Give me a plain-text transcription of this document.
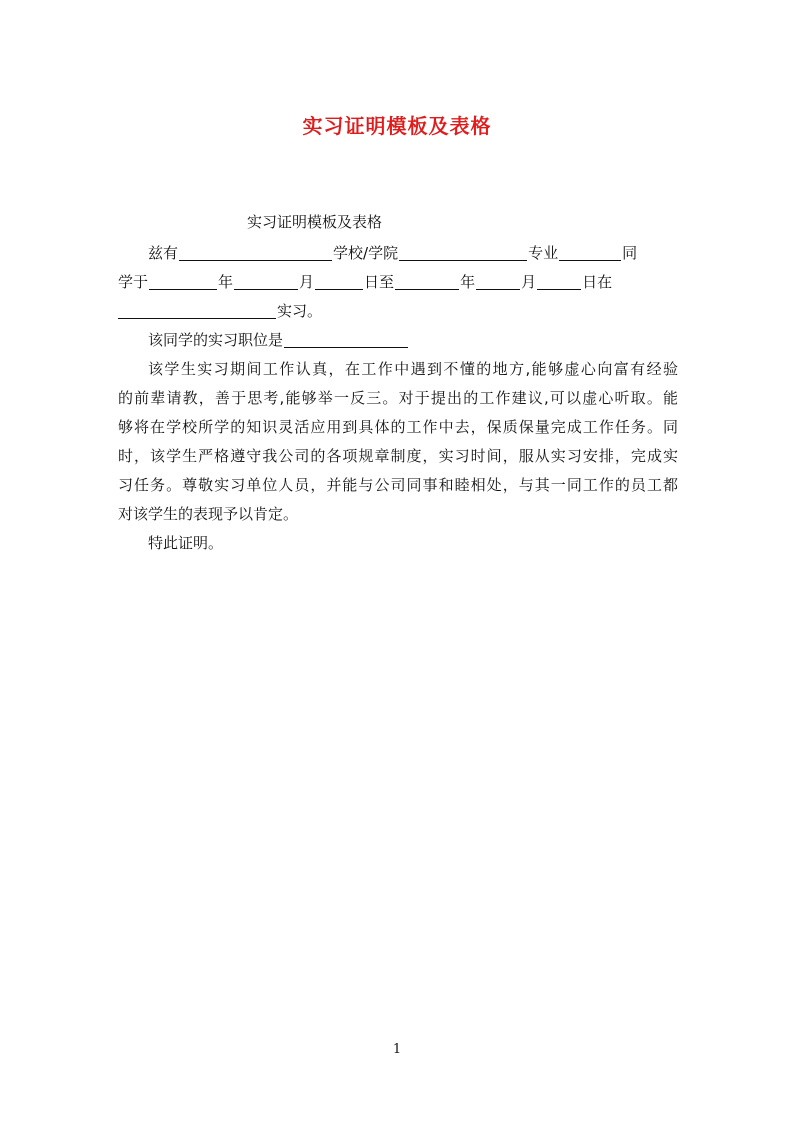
实习证明模板及表格
实习证明模板及表格
兹有	学校/学院	专业	同
学于	年	月	日至	年	月	日在
实习。
该同学的实习职位是
该学生实习期间工作认真，在工作中遇到不懂的地方,能够虚心向富有经验
的前辈请教，善于思考,能够举一反三。对于提出的工作建议,可以虚心听取。能
够将在学校所学的知识灵活应用到具体的工作中去，保质保量完成工作任务。同
时，该学生严格遵守我公司的各项规章制度，实习时间，服从实习安排，完成实
习任务。尊敬实习单位人员，并能与公司同事和睦相处，与其一同工作的员工都
对该学生的表现予以肯定。
特此证明。
1
